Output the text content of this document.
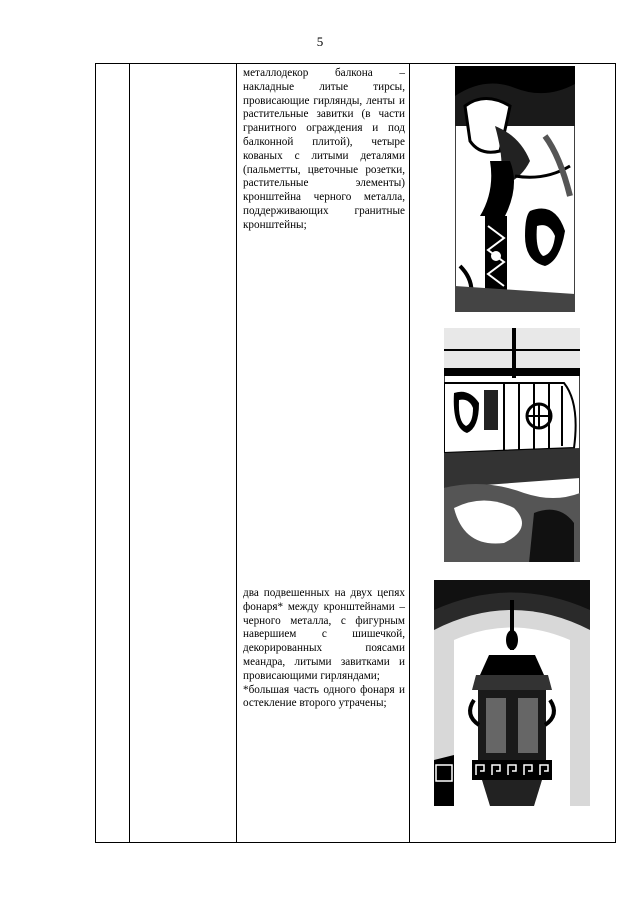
5

металлодекор балкона – накладные литые тирсы, провисающие гирлянды, ленты и растительные завитки (в части гранитного ограждения и под балконной плитой), четыре кованых с литыми деталями (пальметты, цветочные розетки, растительные элементы) кронштейна черного металла, поддерживающих гранитные кронштейны;

два подвешенных на двух цепях фонаря* между кронштейнами – черного металла, с фигурным навершием с шишечкой, декорированных поясами меандра, литыми завитками и провисающими гирляндами;

*большая часть одного фонаря и остекление второго утрачены;
